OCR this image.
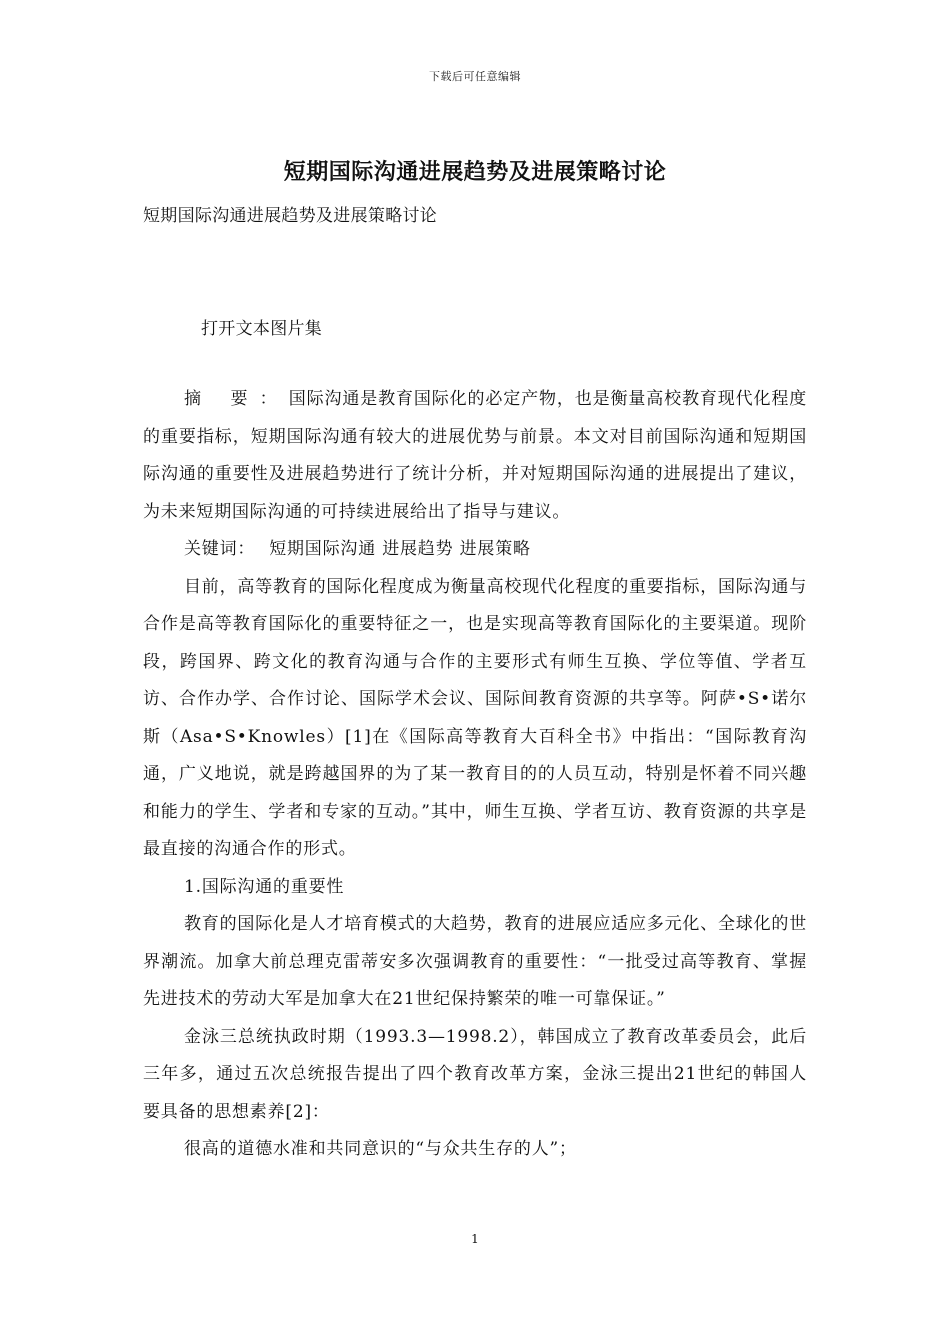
下载后可任意编辑
短期国际沟通进展趋势及进展策略讨论
短期国际沟通进展趋势及进展策略讨论
打开文本图片集

摘 要：国际沟通是教育国际化的必定产物，也是衡量高校教育现代化程度的重要指标，短期国际沟通有较大的进展优势与前景。本文对目前国际沟通和短期国际沟通的重要性及进展趋势进行了统计分析，并对短期国际沟通的进展提出了建议，为未来短期国际沟通的可持续进展给出了指导与建议。

关键词： 短期国际沟通 进展趋势 进展策略

目前，高等教育的国际化程度成为衡量高校现代化程度的重要指标，国际沟通与合作是高等教育国际化的重要特征之一，也是实现高等教育国际化的主要渠道。现阶段，跨国界、跨文化的教育沟通与合作的主要形式有师生互换、学位等值、学者互访、合作办学、合作讨论、国际学术会议、国际间教育资源的共享等。阿萨•S•诺尔斯（Asa•S•Knowles）[1]在《国际高等教育大百科全书》中指出：“国际教育沟通，广义地说，就是跨越国界的为了某一教育目的的人员互动，特别是怀着不同兴趣和能力的学生、学者和专家的互动。”其中，师生互换、学者互访、教育资源的共享是最直接的沟通合作的形式。

1.国际沟通的重要性

教育的国际化是人才培育模式的大趋势，教育的进展应适应多元化、全球化的世界潮流。加拿大前总理克雷蒂安多次强调教育的重要性：“一批受过高等教育、掌握先进技术的劳动大军是加拿大在21世纪保持繁荣的唯一可靠保证。”

金泳三总统执政时期（1993.3—1998.2），韩国成立了教育改革委员会，此后三年多，通过五次总统报告提出了四个教育改革方案，金泳三提出21世纪的韩国人要具备的思想素养[2]：

很高的道德水准和共同意识的“与众共生存的人”；

1
